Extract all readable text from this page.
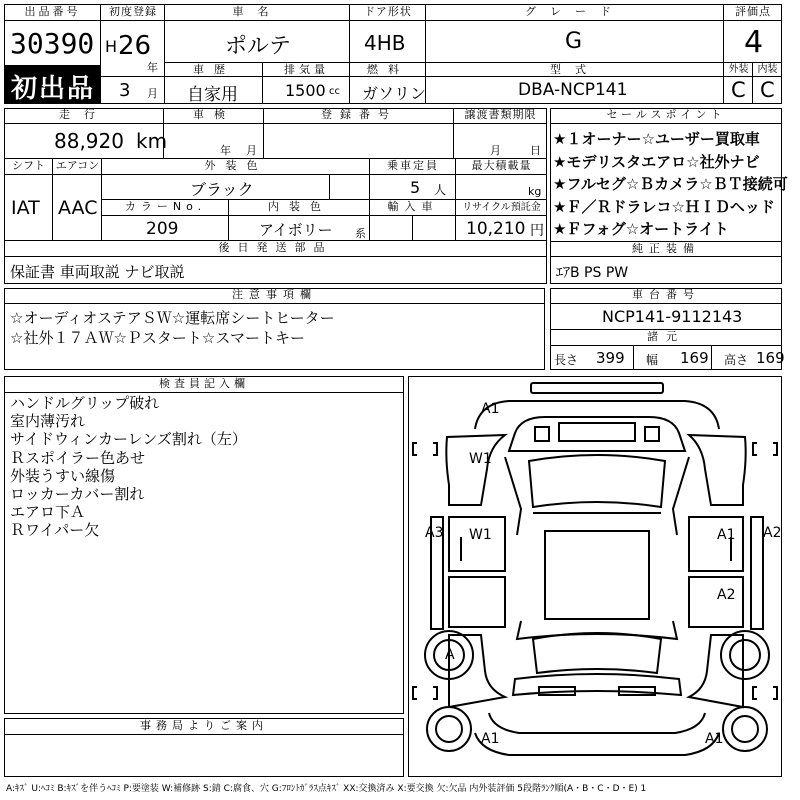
出品番号
30390
初出品
初度登録
H 26
年
3 月
車名
ポルテ
ドア形状
4HB
グレード
G
評価点
4
車歴
自家用
排気量
1500 cc
燃料
ガソリン
型式
DBA-NCP141
外装 内装
C C
走行
88,920 km
車検
年 月
登録番号	譲渡書類期限
月	日
シフト エアコン
IAT AAC
外装色
ブラック
乗車定員
5 人
最大積載量
kg
カラーNo.
209
内装色
アイボリー 系
輸入車	リサイクル預託金
10,210 円
後日発送部品
保証書 車両取説 ナビ取説
セールスポイント
★１オーナー☆ユーザー買取車
★モデリスタエアロ☆社外ナビ
★フルセグ☆Ｂカメラ☆ＢＴ接続可
★Ｆ／Ｒドラレコ☆ＨＩＤヘッド
★Ｆフォグ☆オートライト
純正装備
ｴｱB PS PW
注意事項欄
☆オーディオステアＳＷ☆運転席シートヒーター
☆社外１７ＡＷ☆Ｐスタート☆スマートキー
車台番号
NCP141-9112143
諸元
長さ 399 幅 169 高さ 169
検査員記入欄
ハンドルグリップ破れ
室内薄汚れ
サイドウィンカーレンズ割れ（左）
Ｒスポイラー色あせ
外装うすい線傷
ロッカーカバー割れ
エアロ下Ａ
Ｒワイパー欠
事務局よりご案内
A1
W1
W1
A3	A1 A2
A2
A
A1	A1
A:ｷｽﾞ U:ﾍｺﾐ B:ｷｽﾞを伴うﾍｺﾐ P:要塗装 W:補修跡 S:錆 C:腐食、穴 G:ﾌﾛﾝﾄｶﾞﾗｽ点ｷｽﾞ XX:交換済み X:要交換 欠:欠品 内外装評価 5段階ﾗﾝｸ順(A・B・C・D・E) 1
